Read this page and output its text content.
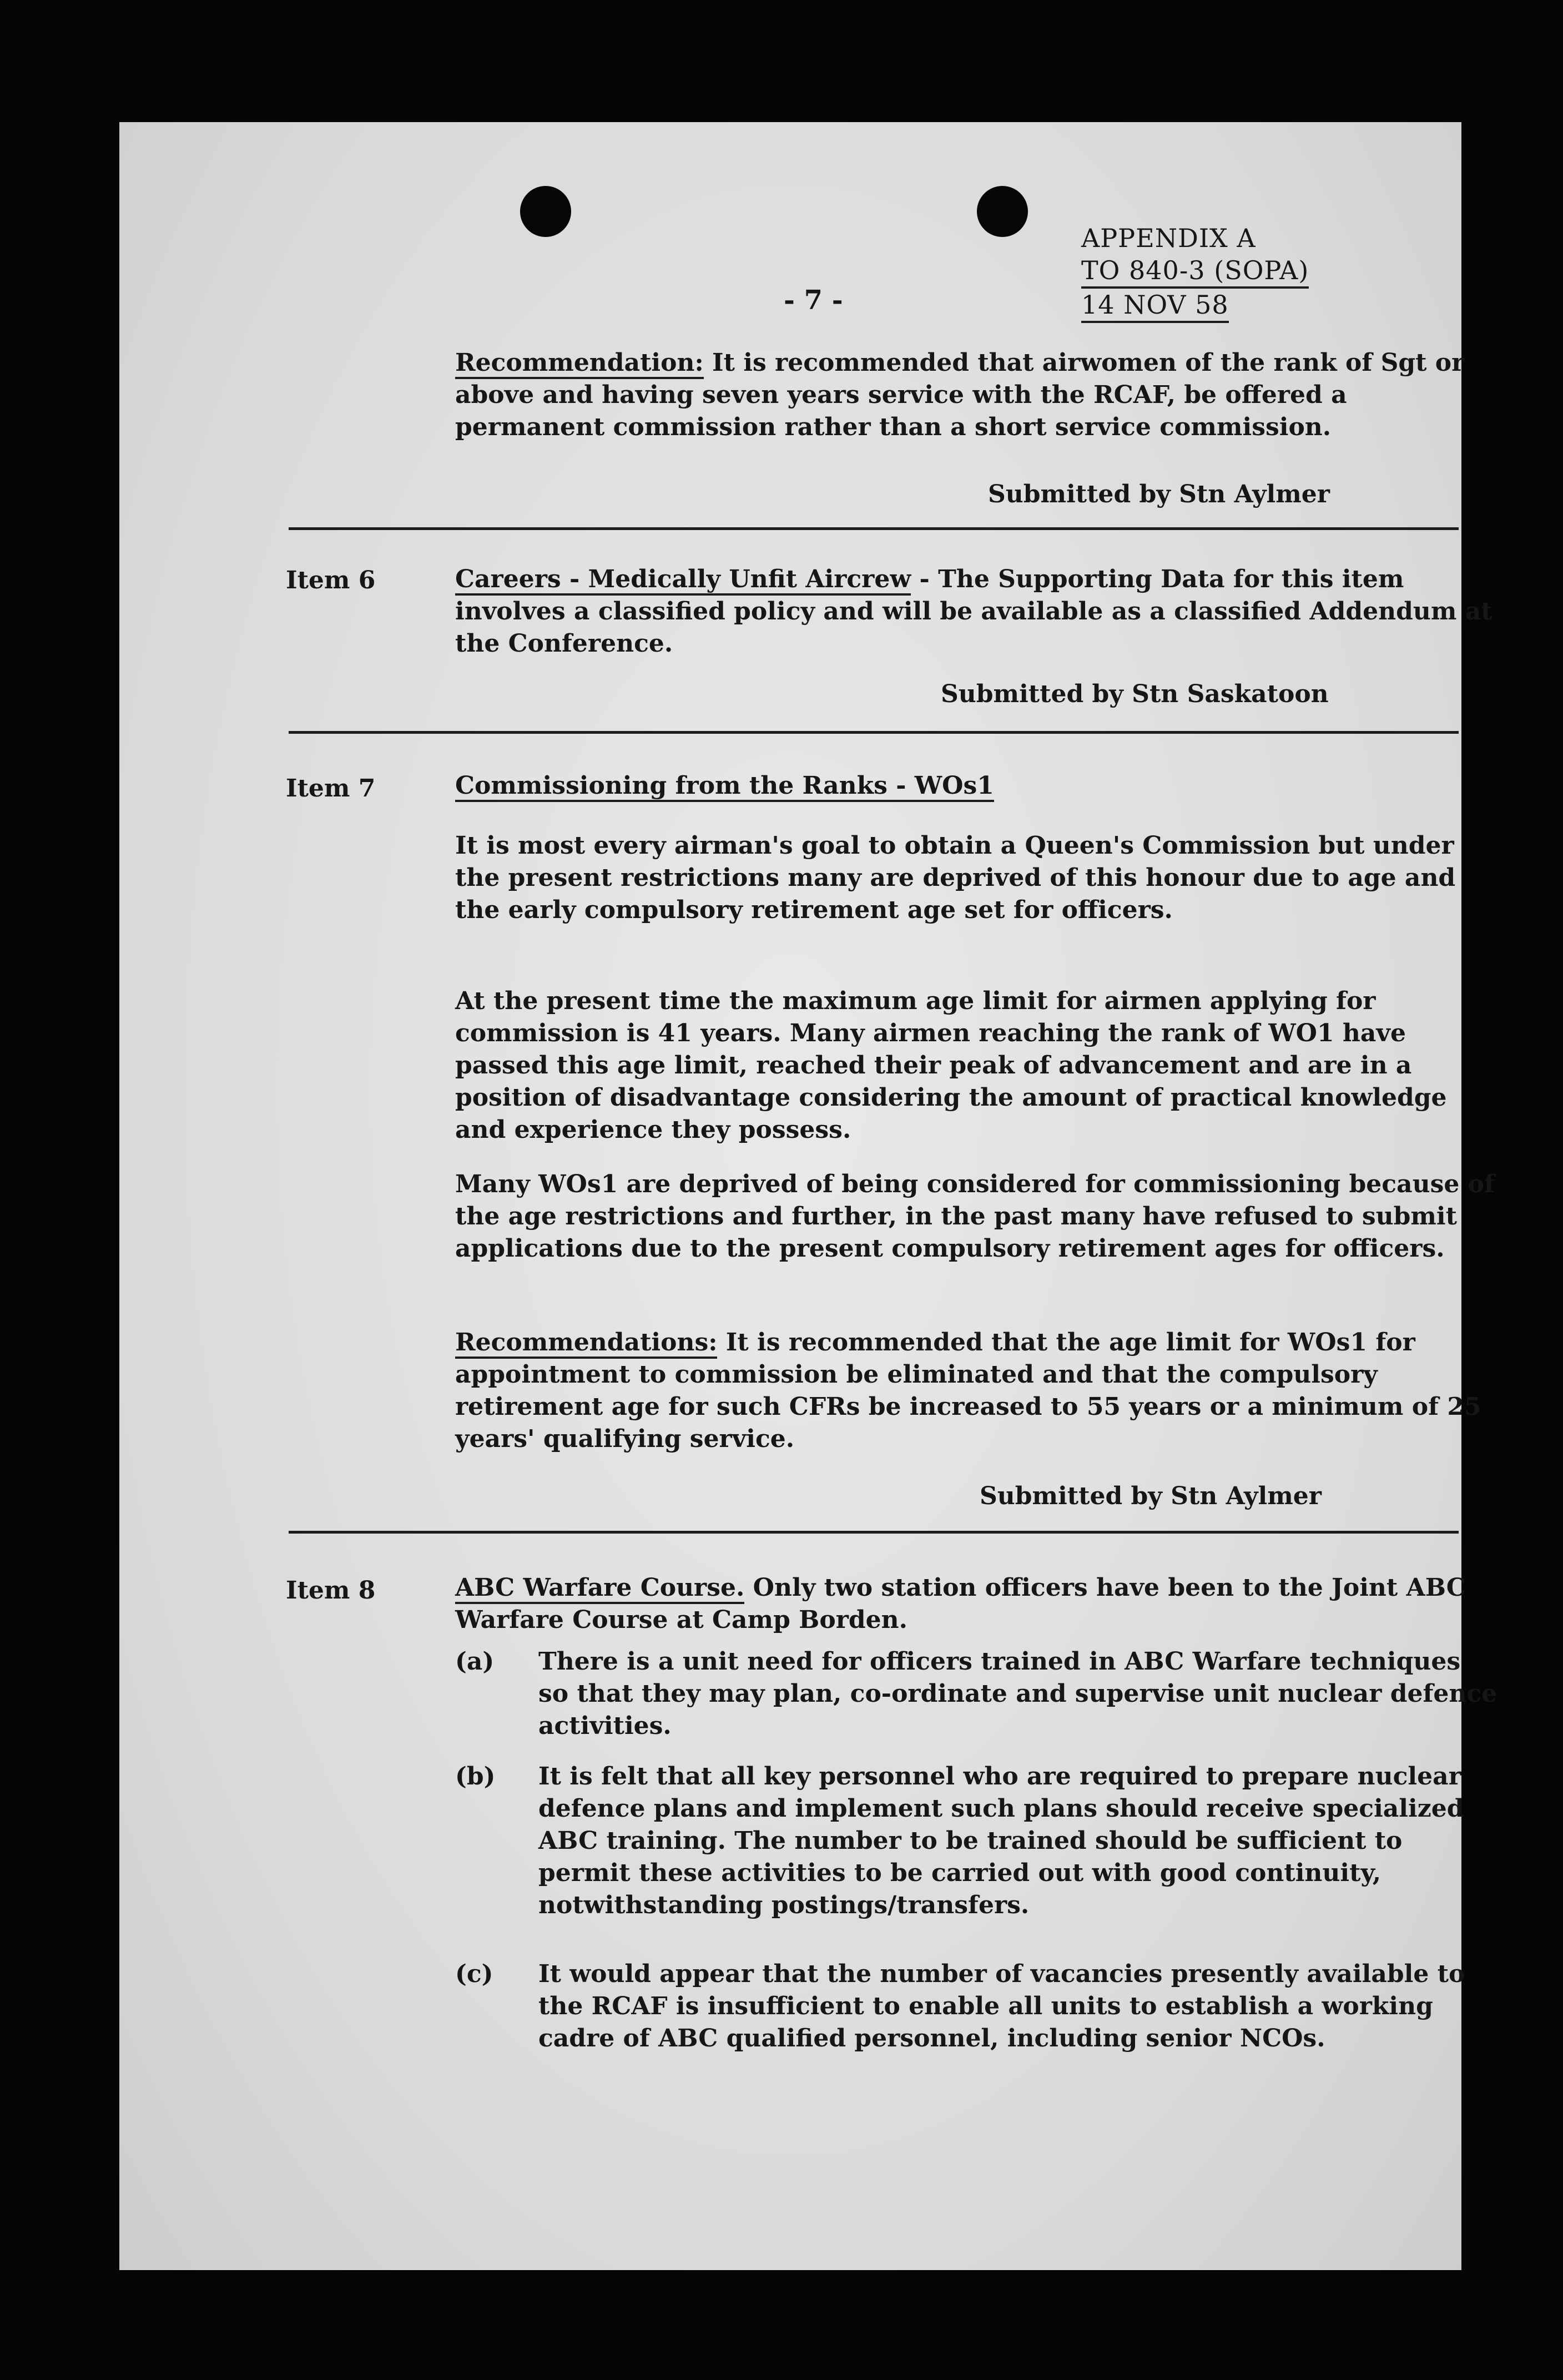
APPENDIX A
TO 840-3 (SOPA)
14 NOV 58
- 7 -

Recommendation: It is recommended that airwomen of the rank of Sgt or above and having seven years service with the RCAF, be offered a permanent commission rather than a short service commission.

Submitted by Stn Aylmer
Item 6	Careers - Medically Unfit Aircrew - The Supporting Data for this item involves a classified policy and will be available as a classified Addendum at the Conference.

Submitted by Stn Saskatoon
Item 7	Commissioning from the Ranks - WOs1

It is most every airman's goal to obtain a Queen's Commission but under the present restrictions many are deprived of this honour due to age and the early compulsory retirement age set for officers.

At the present time the maximum age limit for airmen applying for commission is 41 years. Many airmen reaching the rank of WO1 have passed this age limit, reached their peak of advancement and are in a position of disadvantage considering the amount of practical knowledge and experience they possess.

Many WOs1 are deprived of being considered for commissioning because of the age restrictions and further, in the past many have refused to submit applications due to the present compulsory retirement ages for officers.

Recommendations: It is recommended that the age limit for WOs1 for appointment to commission be eliminated and that the compulsory retirement age for such CFRs be increased to 55 years or a minimum of 25 years' qualifying service.

Submitted by Stn Aylmer
Item 8	ABC Warfare Course. Only two station officers have been to the Joint ABC Warfare Course at Camp Borden.

(a) There is a unit need for officers trained in ABC Warfare techniques so that they may plan, co-ordinate and supervise unit nuclear defence activities.
(b) It is felt that all key personnel who are required to prepare nuclear defence plans and implement such plans should receive specialized ABC training. The number to be trained should be sufficient to permit these activities to be carried out with good continuity, notwithstanding postings/transfers.
(c) It would appear that the number of vacancies presently available to the RCAF is insufficient to enable all units to establish a working cadre of ABC qualified personnel, including senior NCOs.
